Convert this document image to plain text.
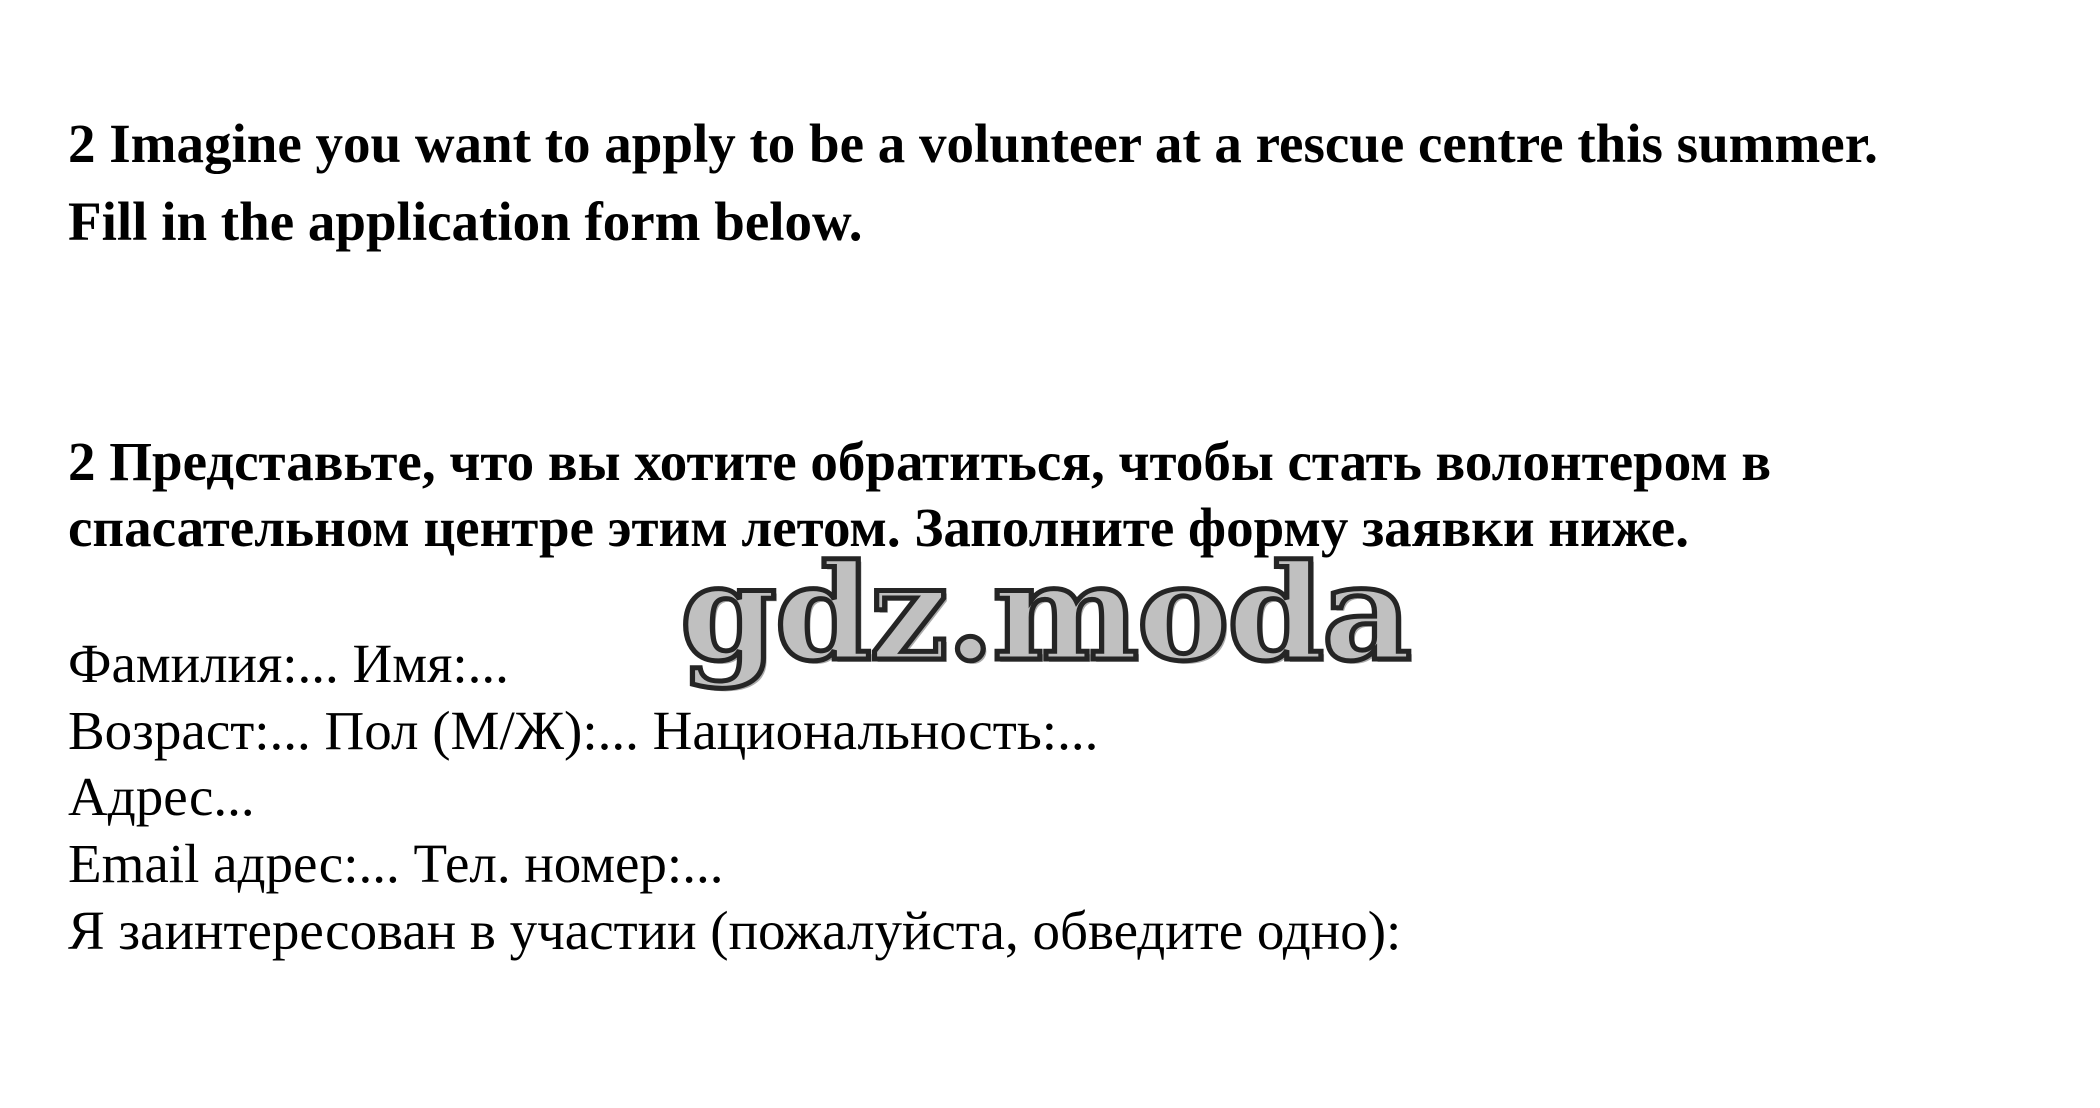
2 Imagine you want to apply to be a volunteer at a rescue centre this summer.
Fill in the application form below.
2 Представьте, что вы хотите обратиться, чтобы стать волонтером в
спасательном центре этим летом. Заполните форму заявки ниже.
Фамилия:... Имя:...
Возраст:... Пол (М/Ж):... Национальность:...
Адрес...
Email адрес:... Тел. номер:...
Я заинтересован в участии (пожалуйста, обведите одно):
gdz.moda
